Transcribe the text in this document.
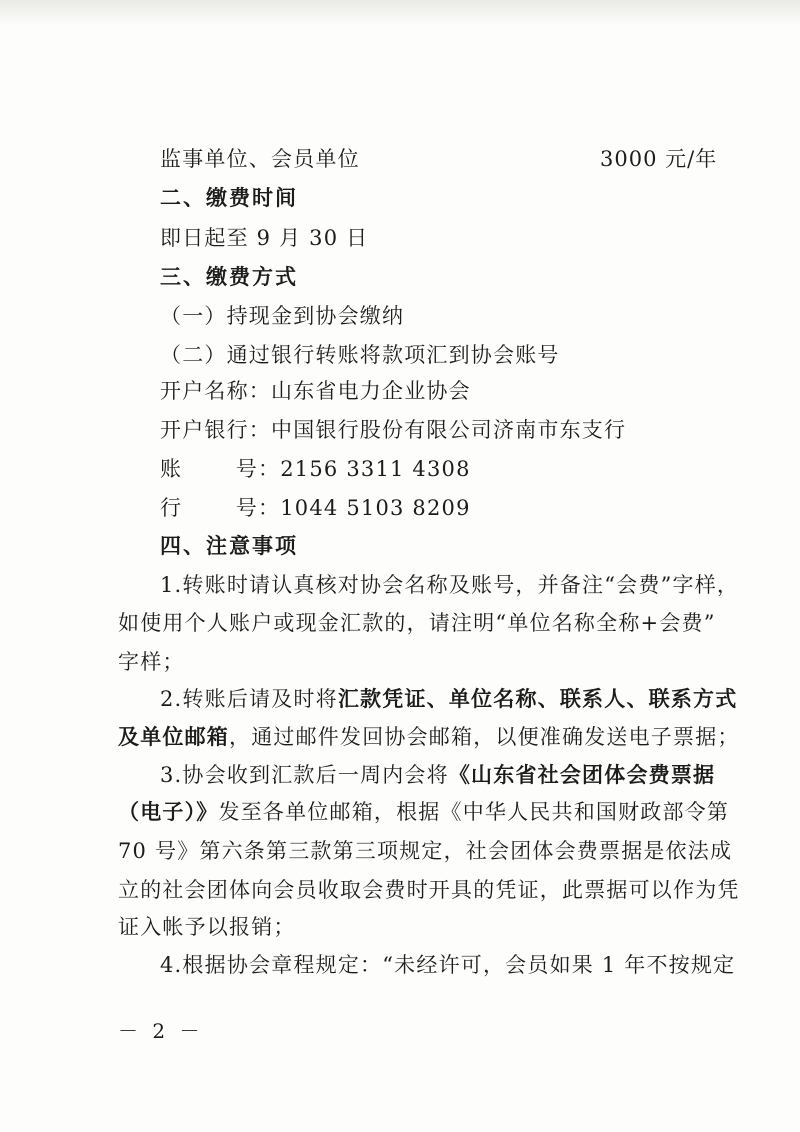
监事单位、会员单位	3000 元/年
二、缴费时间
即日起至 9 月 30 日
三、缴费方式
（一）持现金到协会缴纳
（二）通过银行转账将款项汇到协会账号
开户名称：山东省电力企业协会
开户银行：中国银行股份有限公司济南市东支行
账　号：2156 3311 4308
行　号：1044 5103 8209
四、注意事项
1.转账时请认真核对协会名称及账号，并备注“会费”字样，
如使用个人账户或现金汇款的，请注明“单位名称全称+会费”
字样；
2.转账后请及时将汇款凭证、单位名称、联系人、联系方式
及单位邮箱，通过邮件发回协会邮箱，以便准确发送电子票据；
3.协会收到汇款后一周内会将《山东省社会团体会费票据
（电子）》发至各单位邮箱，根据《中华人民共和国财政部令第
70 号》第六条第三款第三项规定，社会团体会费票据是依法成
立的社会团体向会员收取会费时开具的凭证，此票据可以作为凭
证入帐予以报销；
4.根据协会章程规定：“未经许可，会员如果 1 年不按规定
－ 2 －
